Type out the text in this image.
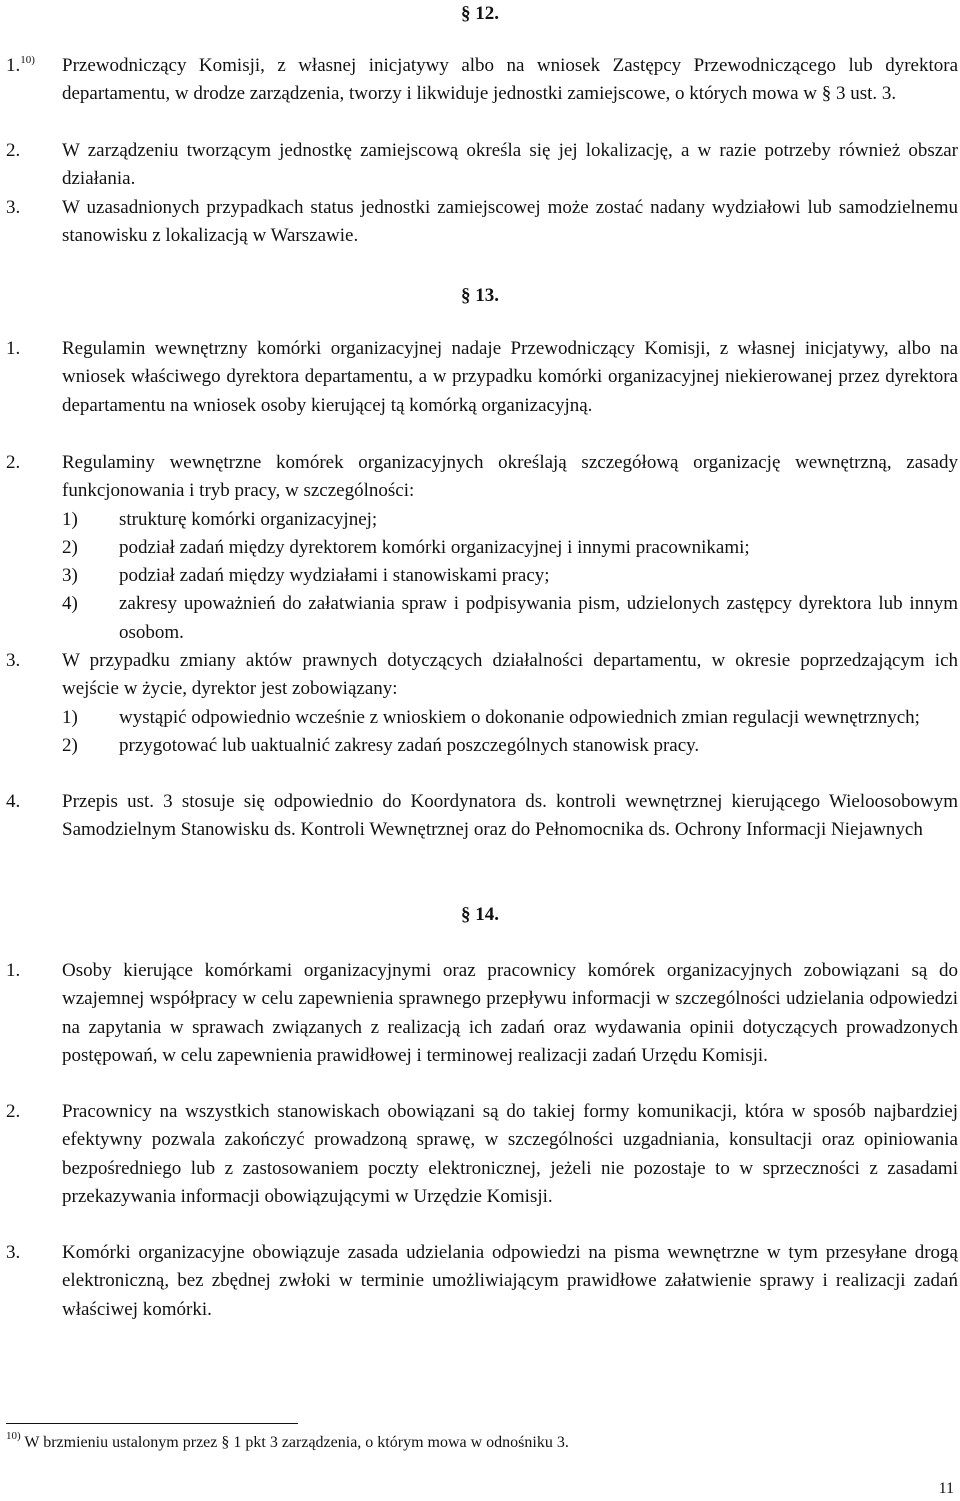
§ 12.
1.$^{10)}$ Przewodniczący Komisji, z własnej inicjatywy albo na wniosek Zastępcy Przewodniczącego lub dyrektora departamentu, w drodze zarządzenia, tworzy i likwiduje jednostki zamiejscowe, o których mowa w § 3 ust. 3.
2. W zarządzeniu tworzącym jednostkę zamiejscową określa się jej lokalizację, a w razie potrzeby również obszar działania.
3. W uzasadnionych przypadkach status jednostki zamiejscowej może zostać nadany wydziałowi lub samodzielnemu stanowisku z lokalizacją w Warszawie.
§ 13.
1. Regulamin wewnętrzny komórki organizacyjnej nadaje Przewodniczący Komisji, z własnej inicjatywy, albo na wniosek właściwego dyrektora departamentu, a w przypadku komórki organizacyjnej niekierowanej przez dyrektora departamentu na wniosek osoby kierującej tą komórką organizacyjną.
2. Regulaminy wewnętrzne komórek organizacyjnych określają szczegółową organizację wewnętrzną, zasady funkcjonowania i tryb pracy, w szczególności:
1) strukturę komórki organizacyjnej;
2) podział zadań między dyrektorem komórki organizacyjnej i innymi pracownikami;
3) podział zadań między wydziałami i stanowiskami pracy;
4) zakresy upoważnień do załatwiania spraw i podpisywania pism, udzielonych zastępcy dyrektora lub innym osobom.
3. W przypadku zmiany aktów prawnych dotyczących działalności departamentu, w okresie poprzedzającym ich wejście w życie, dyrektor jest zobowiązany:
1) wystąpić odpowiednio wcześnie z wnioskiem o dokonanie odpowiednich zmian regulacji wewnętrznych;
2) przygotować lub uaktualnić zakresy zadań poszczególnych stanowisk pracy.
4. Przepis ust. 3 stosuje się odpowiednio do Koordynatora ds. kontroli wewnętrznej kierującego Wieloosobowym Samodzielnym Stanowisku ds. Kontroli Wewnętrznej oraz do Pełnomocnika ds. Ochrony Informacji Niejawnych
§ 14.
1. Osoby kierujące komórkami organizacyjnymi oraz pracownicy komórek organizacyjnych zobowiązani są do wzajemnej współpracy w celu zapewnienia sprawnego przepływu informacji w szczególności udzielania odpowiedzi na zapytania w sprawach związanych z realizacją ich zadań oraz wydawania opinii dotyczących prowadzonych postępowań, w celu zapewnienia prawidłowej i terminowej realizacji zadań Urzędu Komisji.
2. Pracownicy na wszystkich stanowiskach obowiązani są do takiej formy komunikacji, która w sposób najbardziej efektywny pozwala zakończyć prowadzoną sprawę, w szczególności uzgadniania, konsultacji oraz opiniowania bezpośredniego lub z zastosowaniem poczty elektronicznej, jeżeli nie pozostaje to w sprzeczności z zasadami przekazywania informacji obowiązującymi w Urzędzie Komisji.
3. Komórki organizacyjne obowiązuje zasada udzielania odpowiedzi na pisma wewnętrzne w tym przesyłane drogą elektroniczną, bez zbędnej zwłoki w terminie umożliwiającym prawidłowe załatwienie sprawy i realizacji zadań właściwej komórki.
$^{10)}$ W brzmieniu ustalonym przez § 1 pkt 3 zarządzenia, o którym mowa w odnośniku 3.
11
